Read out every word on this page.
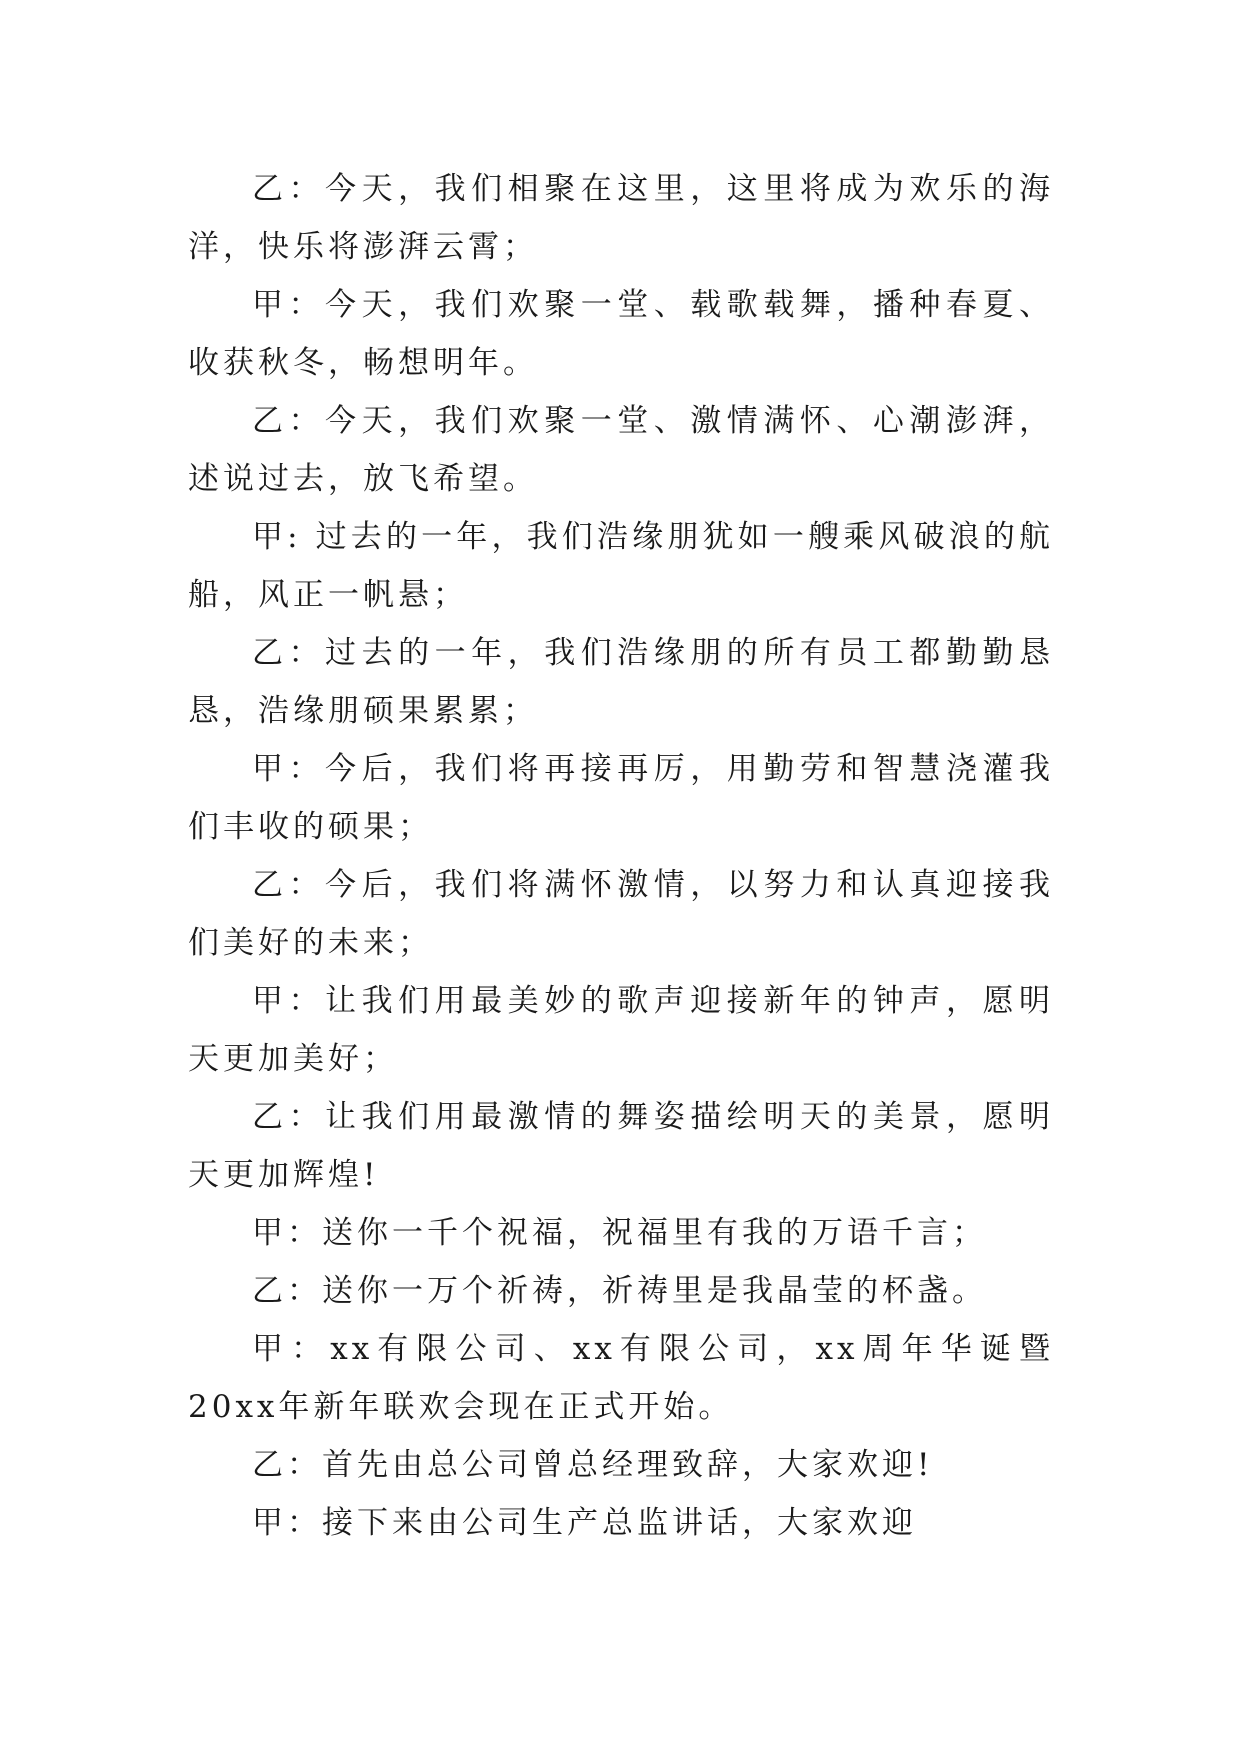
乙：今天，我们相聚在这里，这里将成为欢乐的海洋，快乐将澎湃云霄；

甲：今天，我们欢聚一堂、载歌载舞，播种春夏、收获秋冬，畅想明年。

乙：今天，我们欢聚一堂、激情满怀、心潮澎湃，述说过去，放飞希望。

甲: 过去的一年，我们浩缘朋犹如一艘乘风破浪的航船，风正一帆悬；

乙：过去的一年，我们浩缘朋的所有员工都勤勤恳恳，浩缘朋硕果累累；

甲：今后，我们将再接再厉，用勤劳和智慧浇灌我们丰收的硕果；

乙：今后，我们将满怀激情，以努力和认真迎接我们美好的未来；

甲：让我们用最美妙的歌声迎接新年的钟声，愿明天更加美好；

乙：让我们用最激情的舞姿描绘明天的美景，愿明天更加辉煌!

甲：送你一千个祝福，祝福里有我的万语千言；

乙：送你一万个祈祷，祈祷里是我晶莹的杯盏。

甲：xx有限公司、xx有限公司，xx周年华诞暨20xx年新年联欢会现在正式开始。

乙：首先由总公司曾总经理致辞，大家欢迎!

甲：接下来由公司生产总监讲话，大家欢迎
